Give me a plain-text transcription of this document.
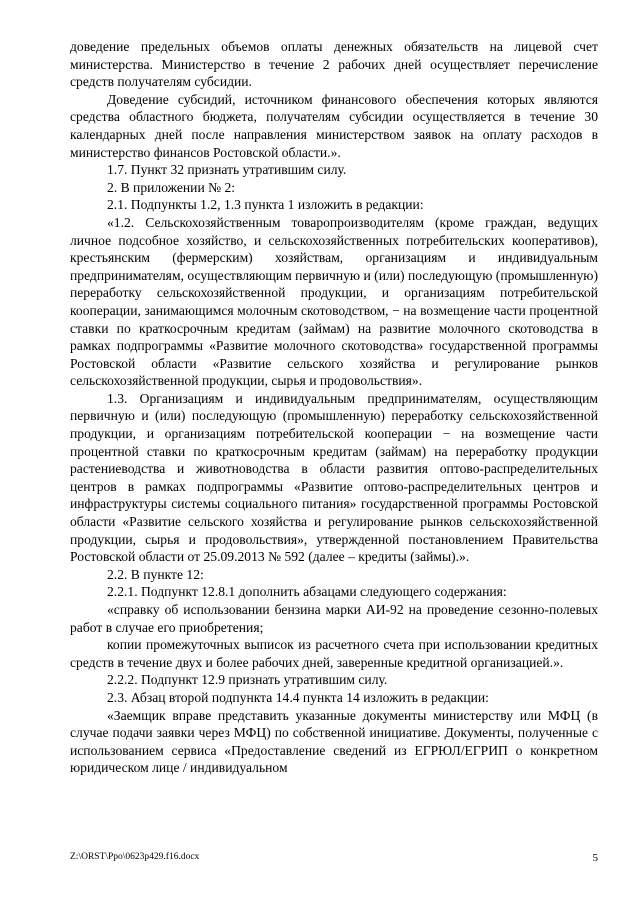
доведение предельных объемов оплаты денежных обязательств на лицевой счет министерства. Министерство в течение 2 рабочих дней осуществляет перечисление средств получателям субсидии.

Доведение субсидий, источником финансового обеспечения которых являются средства областного бюджета, получателям субсидии осуществляется в течение 30 календарных дней после направления министерством заявок на оплату расходов в министерство финансов Ростовской области.».

1.7. Пункт 32 признать утратившим силу.

2. В приложении № 2:

2.1. Подпункты 1.2, 1.3 пункта 1 изложить в редакции:

«1.2. Сельскохозяйственным товаропроизводителям (кроме граждан, ведущих личное подсобное хозяйство, и сельскохозяйственных потребительских кооперативов), крестьянским (фермерским) хозяйствам, организациям и индивидуальным предпринимателям, осуществляющим первичную и (или) последующую (промышленную) переработку сельскохозяйственной продукции, и организациям потребительской кооперации, занимающимся молочным скотоводством, − на возмещение части процентной ставки по краткосрочным кредитам (займам) на развитие молочного скотоводства в рамках подпрограммы «Развитие молочного скотоводства» государственной программы Ростовской области «Развитие сельского хозяйства и регулирование рынков сельскохозяйственной продукции, сырья и продовольствия».

1.3. Организациям и индивидуальным предпринимателям, осуществляющим первичную и (или) последующую (промышленную) переработку сельскохозяйственной продукции, и организациям потребительской кооперации − на возмещение части процентной ставки по краткосрочным кредитам (займам) на переработку продукции растениеводства и животноводства в области развития оптово-распределительных центров в рамках подпрограммы «Развитие оптово-распределительных центров и инфраструктуры системы социального питания» государственной программы Ростовской области «Развитие сельского хозяйства и регулирование рынков сельскохозяйственной продукции, сырья и продовольствия», утвержденной постановлением Правительства Ростовской области от 25.09.2013 № 592 (далее – кредиты (займы).».

2.2. В пункте 12:

2.2.1. Подпункт 12.8.1 дополнить абзацами следующего содержания:

«справку об использовании бензина марки АИ-92 на проведение сезонно-полевых работ в случае его приобретения;

копии промежуточных выписок из расчетного счета при использовании кредитных средств в течение двух и более рабочих дней, заверенные кредитной организацией.».

2.2.2. Подпункт 12.9 признать утратившим силу.

2.3. Абзац второй подпункта 14.4 пункта 14 изложить в редакции:

«Заемщик вправе представить указанные документы министерству или МФЦ (в случае подачи заявки через МФЦ) по собственной инициативе. Документы, полученные с использованием сервиса «Предоставление сведений из ЕГРЮЛ/ЕГРИП о конкретном юридическом лице / индивидуальном

Z:\ORST\Ppo\0623p429.f16.docx	5
